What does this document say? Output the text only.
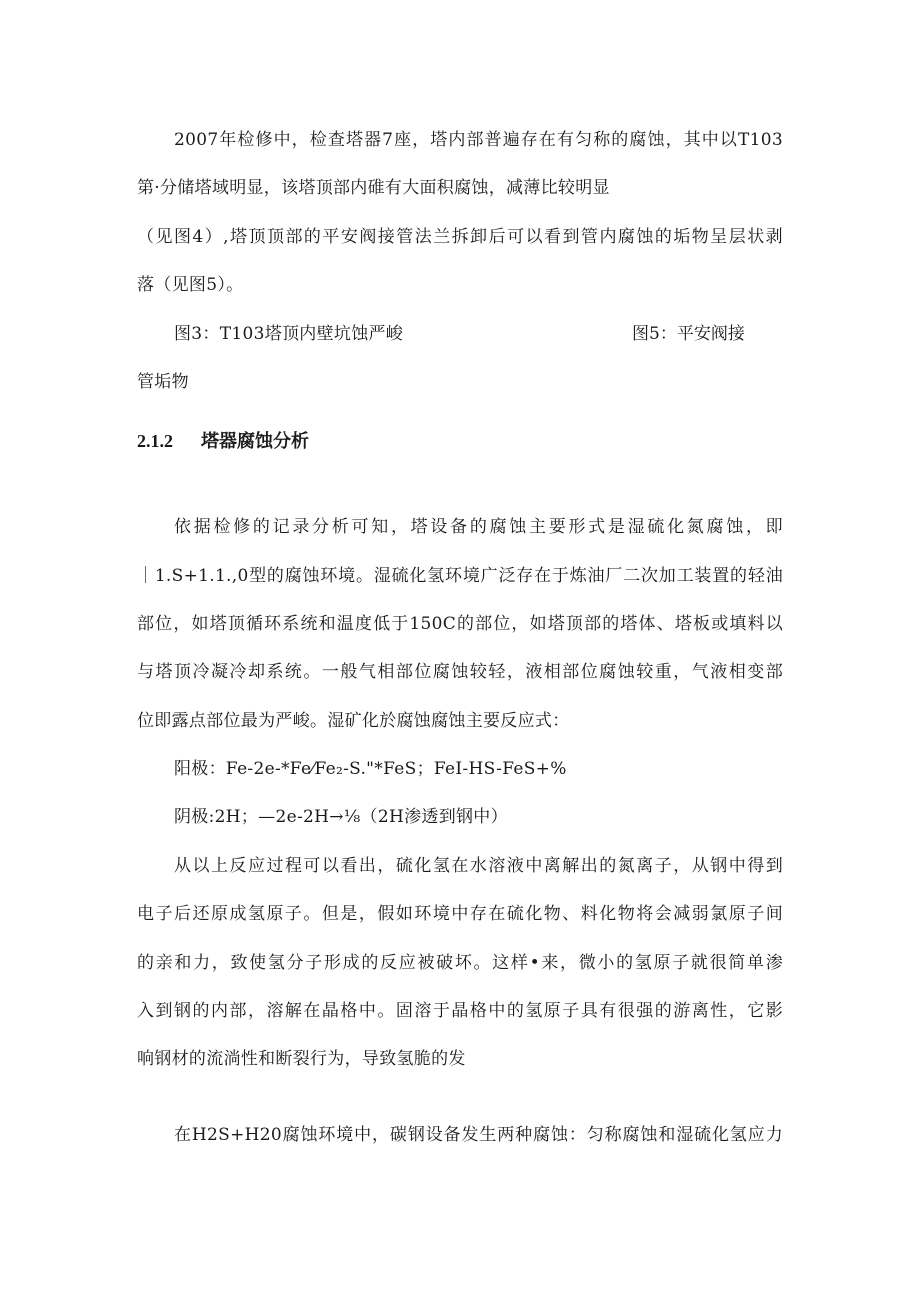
2007年检修中，检查塔器7座，塔内部普遍存在有匀称的腐蚀，其中以T103
第·分储塔域明显，该塔顶部内碓有大面积腐蚀，减薄比较明显
（见图4）,塔顶顶部的平安阀接管法兰拆卸后可以看到管内腐蚀的垢物呈层状剥
落（见图5）。
图3：T103塔顶内壁坑蚀严峻	图5：平安阀接
管垢物
2.1.2 塔器腐蚀分析
依据检修的记录分析可知，塔设备的腐蚀主要形式是湿硫化氮腐蚀，即
｜1.S+1.1.,0型的腐蚀环境。湿硫化氢环境广泛存在于炼油厂二次加工装置的轻油
部位，如塔顶循环系统和温度低于150C的部位，如塔顶部的塔体、塔板或填料以
与塔顶冷凝冷却系统。一般气相部位腐蚀较轻，液相部位腐蚀较重，气液相变部
位即露点部位最为严峻。湿矿化於腐蚀腐蚀主要反应式：
阳极：Fe-2e-*Fe⁄Fe₂-S."*FeS；FeI-HS-FeS+%
阴极:2H；—2e-2H→⅛（2H渗透到钢中）
从以上反应过程可以看出，硫化氢在水溶液中离解出的氮离子，从钢中得到
电子后还原成氢原子。但是，假如环境中存在硫化物、料化物将会减弱氯原子间
的亲和力，致使氢分子形成的反应被破坏。这样•来，微小的氢原子就很简单渗
入到钢的内部，溶解在晶格中。固溶于晶格中的氢原子具有很强的游离性，它影
响钢材的流淌性和断裂行为，导致氢脆的发
在H2S+H20腐蚀环境中，碳钢设备发生两种腐蚀：匀称腐蚀和湿硫化氢应力
